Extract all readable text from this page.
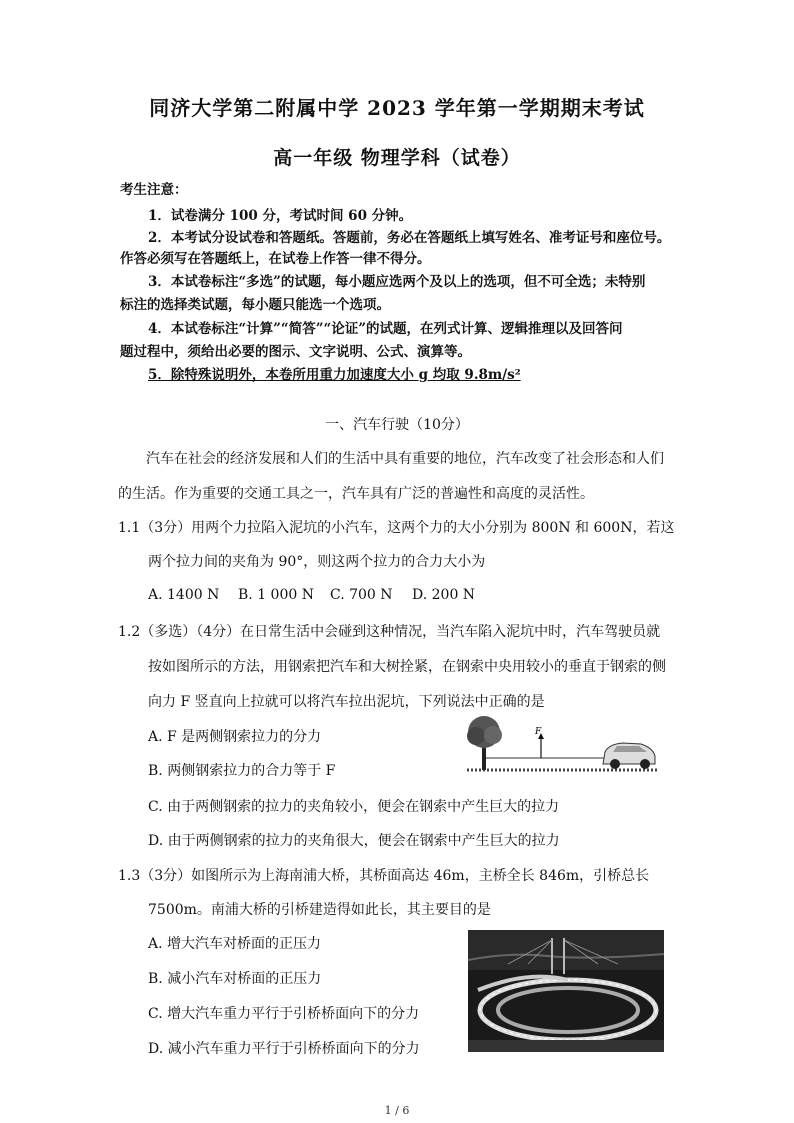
同济大学第二附属中学 2023 学年第一学期期末考试
高一年级 物理学科（试卷）
考生注意：
1．试卷满分 100 分，考试时间 60 分钟。
2．本考试分设试卷和答题纸。答题前，务必在答题纸上填写姓名、准考证号和座位号。
作答必须写在答题纸上，在试卷上作答一律不得分。
3．本试卷标注“多选”的试题，每小题应选两个及以上的选项，但不可全选；未特别
标注的选择类试题，每小题只能选一个选项。
4．本试卷标注“计算”“简答”“论证”的试题，在列式计算、逻辑推理以及回答问
题过程中，须给出必要的图示、文字说明、公式、演算等。
5．除特殊说明外，本卷所用重力加速度大小 g 均取 9.8m/s²
一、汽车行驶（10分）
汽车在社会的经济发展和人们的生活中具有重要的地位，汽车改变了社会形态和人们
的生活。作为重要的交通工具之一，汽车具有广泛的普遍性和高度的灵活性。
1.1（3分）用两个力拉陷入泥坑的小汽车，这两个力的大小分别为 800N 和 600N，若这
两个拉力间的夹角为 90°，则这两个拉力的合力大小为
A. 1400 N B. 1 000 N C. 700 N D. 200 N
1.2（多选）（4分）在日常生活中会碰到这种情况，当汽车陷入泥坑中时，汽车驾驶员就
按如图所示的方法，用钢索把汽车和大树拴紧，在钢索中央用较小的垂直于钢索的侧
向力 F 竖直向上拉就可以将汽车拉出泥坑，下列说法中正确的是
A. F 是两侧钢索拉力的分力
B. 两侧钢索拉力的合力等于 F
C. 由于两侧钢索的拉力的夹角较小，便会在钢索中产生巨大的拉力
D. 由于两侧钢索的拉力的夹角很大，便会在钢索中产生巨大的拉力
F
1.3（3分）如图所示为上海南浦大桥，其桥面高达 46m，主桥全长 846m，引桥总长
7500m。南浦大桥的引桥建造得如此长，其主要目的是
A. 增大汽车对桥面的正压力
B. 减小汽车对桥面的正压力
C. 增大汽车重力平行于引桥桥面向下的分力
D. 减小汽车重力平行于引桥桥面向下的分力
1 / 6
